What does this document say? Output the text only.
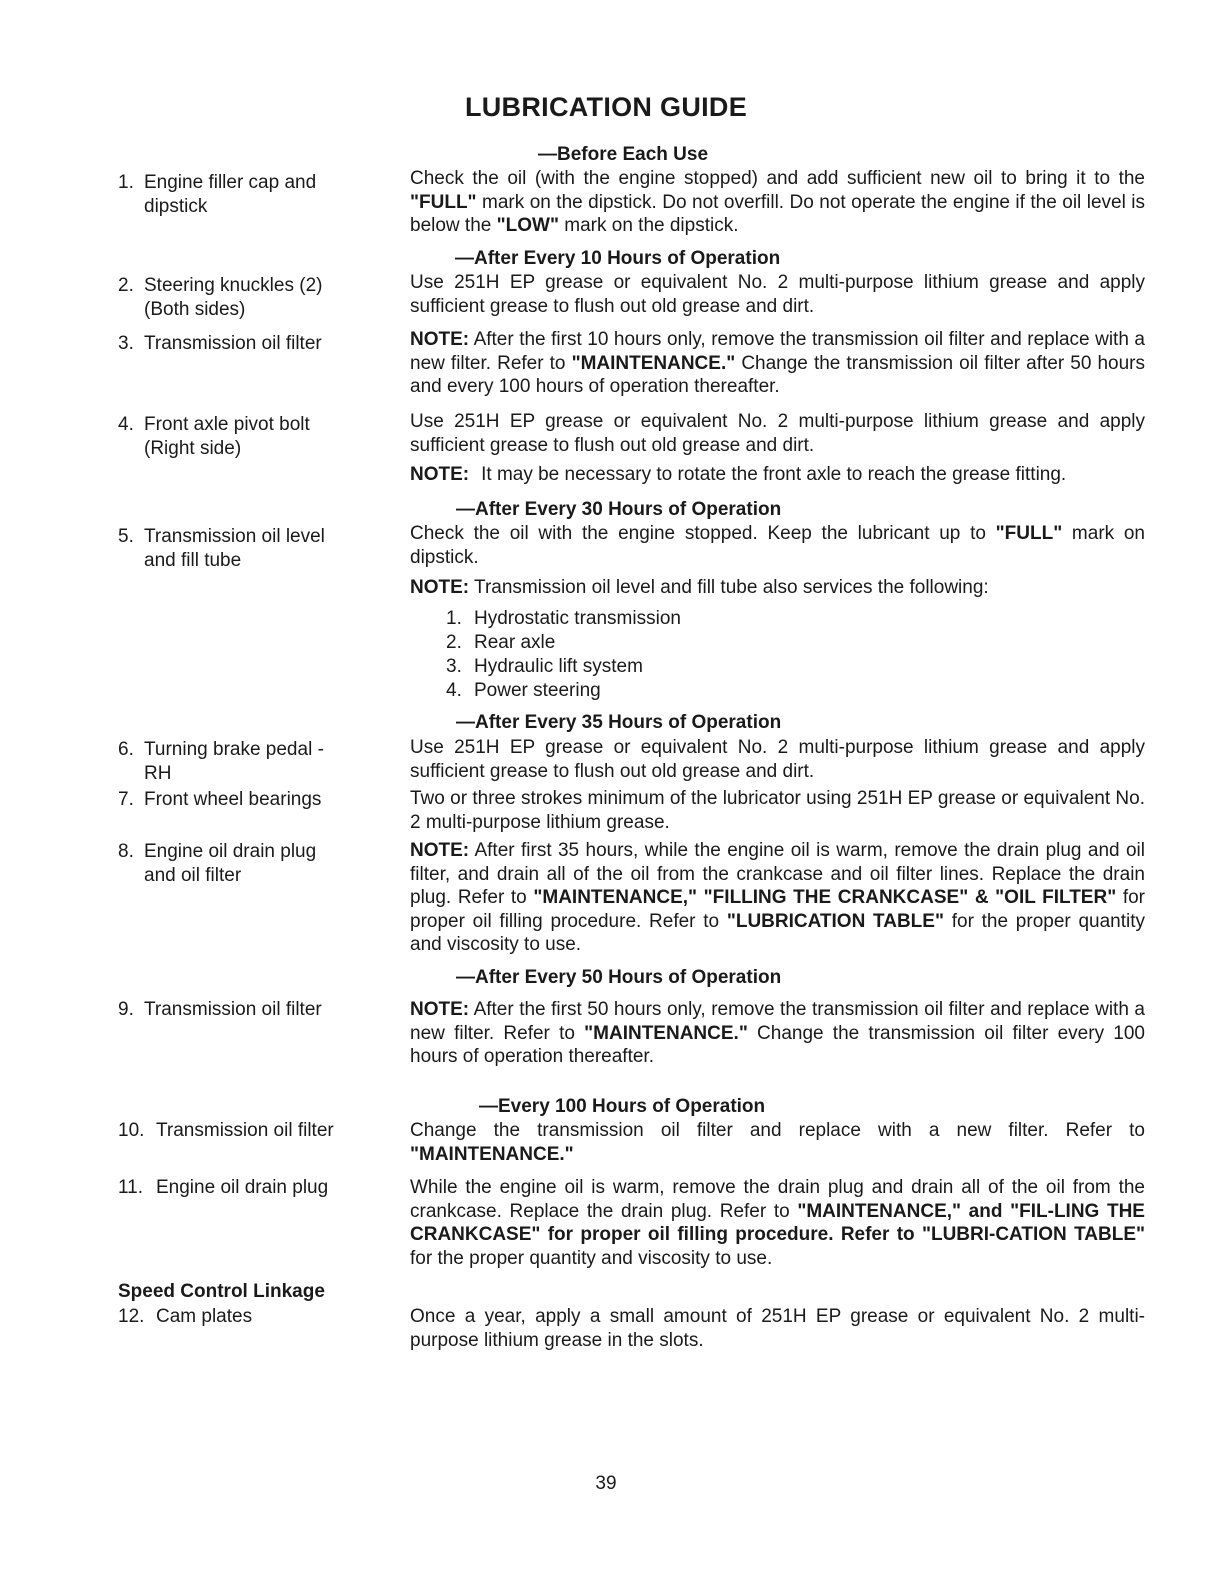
LUBRICATION GUIDE
—Before Each Use
—After Every 10 Hours of Operation
—After Every 30 Hours of Operation
—After Every 35 Hours of Operation
—After Every 50 Hours of Operation
—Every 100 Hours of Operation
1. Engine filler cap and
dipstick
2. Steering knuckles (2)
(Both sides)
3. Transmission oil filter
4. Front axle pivot bolt
(Right side)
5. Transmission oil level
and fill tube
6. Turning brake pedal -
RH
7. Front wheel bearings
8. Engine oil drain plug
and oil filter
9. Transmission oil filter
10. Transmission oil filter
11. Engine oil drain plug
Speed Control Linkage
12. Cam plates
Check the oil (with the engine stopped) and add sufficient new oil to bring it to the "FULL" mark on the dipstick. Do not overfill. Do not operate the engine if the oil level is below the "LOW" mark on the dipstick.
Use 251H EP grease or equivalent No. 2 multi-purpose lithium grease and apply sufficient grease to flush out old grease and dirt.
NOTE: After the first 10 hours only, remove the transmission oil filter and replace with a new filter. Refer to "MAINTENANCE." Change the transmission oil filter after 50 hours and every 100 hours of operation thereafter.
Use 251H EP grease or equivalent No. 2 multi-purpose lithium grease and apply sufficient grease to flush out old grease and dirt.
NOTE: It may be necessary to rotate the front axle to reach the grease fitting.
Check the oil with the engine stopped. Keep the lubricant up to "FULL" mark on dipstick.
NOTE: Transmission oil level and fill tube also services the following:
1. Hydrostatic transmission
2. Rear axle
3. Hydraulic lift system
4. Power steering
Use 251H EP grease or equivalent No. 2 multi-purpose lithium grease and apply sufficient grease to flush out old grease and dirt.
Two or three strokes minimum of the lubricator using 251H EP grease or equivalent No. 2 multi-purpose lithium grease.
NOTE: After first 35 hours, while the engine oil is warm, remove the drain plug and oil filter, and drain all of the oil from the crankcase and oil filter lines. Replace the drain plug. Refer to "MAINTENANCE," "FILLING THE CRANKCASE" & "OIL FILTER" for proper oil filling procedure. Refer to "LUBRICATION TABLE" for the proper quantity and viscosity to use.
NOTE: After the first 50 hours only, remove the transmission oil filter and replace with a new filter. Refer to "MAINTENANCE." Change the transmission oil filter every 100 hours of operation thereafter.
Change the transmission oil filter and replace with a new filter. Refer to "MAINTENANCE."
While the engine oil is warm, remove the drain plug and drain all of the oil from the crankcase. Replace the drain plug. Refer to "MAINTENANCE," and "FIL-LING THE CRANKCASE" for proper oil filling procedure. Refer to "LUBRI-CATION TABLE" for the proper quantity and viscosity to use.
Once a year, apply a small amount of 251H EP grease or equivalent No. 2 multi-purpose lithium grease in the slots.
39
